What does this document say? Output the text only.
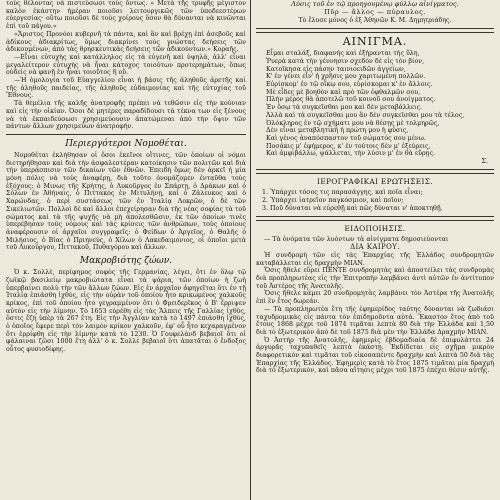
τοὺς θέλοντας νὰ πιστεύσωσι τοὺς ὄντως. « Μετὰ τῆς τρυφῆς μέγιστον καλὸν ἐκάστην ἡμέραν ποιοῦσι λειτουργικῶς τῶν ὑποδεεστέρων εὐεργεσίας· οὕτω ποιοῦσι δὲ τοὺς χοίρους ὅσον θὰ δύνανται νὰ κινῶνται ἐπὶ τοῦ πάγου.»

«Ἄριστος Προνόοι κυβερνῆ τὰ πάντα, καὶ ἂν καὶ βρέχῃ ἐπὶ ἀσεβοῦς καὶ ἀδίκους ἀδιακρίτως, ὅμως διακρίνει τοὺς γνώστας δεήσεις τῶν ἀδικουμένων, ἀπὸ τὰς θρησκευτικὰς δεήσεις τῶν ἀδικούντων.» Κοραῆς.

—Εἶναι εὐτυχὴς καὶ κατάλληλος εἰς τὰ εὐγενῆ καὶ ὑψηλὰ, ἀλλ' εἶναι μεγαλείτερον εὐτυχὴς νὰ ἦναι κάτοχος τοιούτων προτερημάτων, ὅπως οὐδεὶς νὰ φανῇ ἐν ἦναι τοιοῦτος ἢ οὔ.

—Ἡ ὁμολογία τοῦ Εὐαγγελίου εἶναι ἡ βάσις τῆς ἀληθοῦς ἀρετῆς καὶ τῆς ἀληθοῦς παιδείας, τῆς ἀληθοῦς εὐδαιμονίας καὶ τῆς εὐτυχίας τοῦ Ἔθνους.

Τὰ θεμέλια τῆς καλῆς ἀνατροφῆς πρέπει νὰ τεθῶσιν εἰς τὴν κούνιαν καὶ εἰς τὴν οἰκίαν. Ὁσοι δὲ μητέρες παραδίδουσι τὰ τέκνα των εἰς ξένους νὰ τὰ ἐκπαιδεύσωσι χρησιμεύουσιν ἀπατώμεναι ἀπὸ τὴν ὄψιν τῶν πάντων ἄλλων χρησιμεύων ἀνατροφήν.

Περιεργότεροι Νομοθέται.

Νομοθέται ἐκλήθησαν οἱ ὅσοι ἐκεῖνοι οἵτινες, τῶν ὁποίων οἱ νόμοι διετηρήθησαν καὶ διὰ τὴν ἀσφαλεστέραν κατοίκησιν τῶν πολιτῶν καὶ διὰ τὴν ὑπεράσπισιν τῶν δικαίων τῶν ἐθνῶν. Ἐπειδὴ ὅμως δὲν ἀρκεῖ ἡ μία μόνη πόλις νὰ τοὺς ἀναφέρῃ, διὰ τοῦτο ὀνομάζομεν ἐνταῦθα τοὺς ἐξόχους: ὁ Μινως τῆς Κρήτης, ὁ Λυκοῦργος ἐν Σπάρτῃ, ὁ Δράκων καὶ ὁ Σόλων ἐν Ἀθήναις, ὁ Πιττακὸς ἐν Μιτυλήνῃ, καὶ ὁ Ζάλευκος καὶ ὁ Χαρώνδας, ὁ περὶ συστάσεως τῶν ἐν Ἰταλίᾳ Λοκρῶν, ὁ δὲ τῶν Σικελιωτῶν. Πολλοὶ δὲ καὶ ἄλλοι ἐπεχείρησαν διὰ τῆς νέας σοφίας τὰ τοῦ σώματος καὶ τὰ τῆς ψυχῆς νὰ μὴ ἀπολεσθῶσιν, ἐκ τῶν ὁποίων τινὲς ὑπερέβησαν τοὺς νόμους καὶ τὰς κρίσεις τῶν ἀνθρώπων, τοὺς ὁποίους ἀναφέρουσιν οἱ ἀρχαῖοι συγγραφεῖς: ὁ Φείδων ὁ Ἀργεῖος, ὁ Θαλῆς ὁ Μιλήσιος, ὁ Βίας ὁ Πριηνεύς, ὁ Χίλων ὁ Λακεδαιμόνιος, οἱ ὁποῖοι μετὰ τοῦ Λυκούργου, Πιττακοῦ, Πυθαγόρου καὶ ἄλλων.

Μακροβιότης ζώων.

Ὁ κ. Σολλὲ, περίφημος σοφὸς τῆς Γερμανίας, λέγει, ὅτι ἐν ὅλῳ τῷ ζωϊκῷ βασιλείῳ μακροβιώτατα εἶναι τὰ ψάρια, τῶν ὁποίων ἡ ζωὴ ὑπερβαίνει πολὺ τὴν τῶν ἄλλων ζώων. Εἰς ἐν ἀρχαῖον ἀφηγεῖται ὅτι ἐν τῇ Ἰταλίᾳ ἐπιάσθη ἰχθὺς, εἰς τὴν οὐρὰν τοῦ ὁποίου ἦτο κρικωμένος χαλκοῦς κρίκος, ἐπὶ τοῦ ὁποίου ἦτο γεγραμμένον ὅτι ὁ Φρειδερῖκος ὁ Β' ἔρριψεν αὐτὸν εἰς τὴν λίμνην. Τὸ 1653 εὑρέθη εἰς τὰς Ἄλπεις τῆς Γαλλίας ἰχθὺς, ὅστις ἔζη ὑπὲρ τὰ 267 ἔτη. Εἰς τὴν Ἀγγλίαν κατὰ τὸ 1497 ἐπιάσθη ἰχθὺς, ὁ ὁποῖος ἔφερε περὶ τὸν λαιμὸν κρίκον χαλκοῦν, ἐφ' οὗ ἦτο κεχαραγμένον ὅτι ἐρρίφθη εἰς τὴν λίμνην κατὰ τὸ 1230. Ὁ Γουφελὰνδ βεβαιοῖ ὅτι οἱ φάλαιναι ζῶσι 1000 ἔτη ἀλλ' ὁ κ. Σολλὲ βεβαιοῖ ὅτι ἀπατᾶται ὁ ἔνδοξος οὗτος φυσιοδίφης.

Λύσις τοῦ ἐν τῷ προηγουμένῳ φύλλῳ αἰνίγματος.
Πῦρ — ἄλλος — πύραυλος.
Τὸ ἔλυσε μόνος ὁ ἐξ Ἀθηνῶν Κ. Μ. Δημητριάδης.
ΑΙΝΙΓΜΑ.

Εἶμαι σταλάξ, διαφανής καὶ ἐξήρανται τὴς ὕλη,

Ῥυερὰ κατὰ τὴν γέννησιν σχεδὸν δὲ εἰς τὸν βίον,

Κατοῖκησα εἰς πάσην ταινιοειδῶν ἀγγείων,

Κ' ἐν γένει εἶν' ἡ χρῆσις μου χαριτωμένη πολλῶν.

Εὑρίσκομ' ἐν τῷ οἴκῳ σου, εὑρίσκομαι κ' ἐν ἄλλοις.

Μὲ εἶδες μὲ βοηθὸν καὶ πρὸ τῶν ὀφθαλμῶν σου,

Πλὴν μέρος θὰ ἀποτελῶ τοῦ κοινοῦ σου ἀνοίγματος.

Ἐν ὅσῳ τὰ συγκεῖσθαι μου καὶ δὲν μεταβάλλεις.

Ἀλλὰ καὶ τὰ συγκεῖσθαι μου ἂν δὲν συγκεῖσθαι μου τὰ τέλος,

Ὁλόκληρος ἐν τῷ σχήματι μου νὰ θέσῃς μὲ τολμηρῶς,

Δὲν εἶναι μεταβλητικὴ ἡ πρώτη μου ἡ φύσις,

Καὶ γένος ἀναπόσπαστον τοῦ σώματός σου μένω.

Ποσάκις μ' ἐφήμερος, κ' ἐν τούτοις δὲν μ' ἐξεύρεις,

Καὶ ἀμφιβάλλω, ψάλλεται, τὴν λύσιν μ' ἐν θὰ εὕρῃς.

Σ.

ΙΕΡΟΓΡΑΦΙΚΑΙ ΕΡΩΤΗΣΕΙΣ.

1. Ὑπάρχει τόσος τις παρασάγγης, καὶ ποῖα εἶναι;

2. Ὑπάρχει ἰατρεῖον παγκόσμιον, καὶ ποῖον;

3. Ποῦ δύναται νὰ εὑρεθῇ καὶ πῶς δύναται ν' ἀποκτηθῇ.

ΕΙΔΟΠΟΙΗΣΙΣ.

— Τὰ ὀνόματα τῶν λυόντων τὰ αἰνίγματα δημοσιεύονται

ΔΙΑ ΚΑΙΡΟΥ.

Ἡ συνδρομὴ τῶν εἰς τὰς Ἐπαρχίας τῆς Ἑλλάδος συνδρομητῶν καταβάλλεται εἰς δραχμὴν ΜΙΑΝ.

Ὅσις ἤθελε εὕρει ΠΕΝΤΕ συνδρομητὰς καὶ ἀποστείλει τὰς συνδρομὰς διὰ προπληρωτέας εἰς τὴν Ἐπιτροπὴν λαμβάνει ἀντὶ αὐτῶν ἐν ἀντίτυπον τοῦ Ἀστέρος τῆς Ἀνατολῆς.

Ὅσις ἤθελε κάμει 20 συνδρομητὰς λαμβάνει τὸν Ἀστέρα τῆς Ἀνατολῆς ἐπὶ ἓν ἔτος δωρεάν.

— Τὰ προπληρωτέα ἔτη τῆς ἐφημερίδος ταύτης δύνανται νὰ ζωδιάσι ταχυδρομικὰς εἰς πάντα τὸν ἐπιδημοῦντα αὐτά. Ἕκαστον ἔτος ἀπὸ τοῦ ἔτους 1868 μέχρι τοῦ 1874 τιμᾶται λεπτὰ 80 διὰ τὴν Ἑλλάδα καὶ 1,50 διὰ τὸ ἐξωτερικὸν ἀπὸ δὲ τοῦ 1875 διὰ μὲν τὴν Ἑλλάδα Δραχμὴν ΜΙΑΝ.

Ὁ Ἀστὴρ τῆς Ἀνατολῆς, ἐφημερὶς ἑβδομαδιαία δὲ ἐπιφυλάττει 24 ἀργυρᾶς ταχυπαθεῖς λεπτὰ ἑκάστῃ. Ἐκδίδεται εἰς σχῆμα μικρὸν διαφορετικὸν καὶ τιμᾶται τοῦ εἰκοσαπέντε δραχμὴν καὶ λεπτὰ 50 διὰ τὰς Ἐπαρχίας τῆς Ἑλλάδος. Ἐφημερὶς κατὰ τὸ ἔτος 1875 τιμᾶται μία δραχμὴ διὰ τὸ ἔξωτερικὸν, καὶ πᾶσα αἴτησις μέχρι τοῦ 1875 ἐπέχει θέσιν αὐτῆς.
